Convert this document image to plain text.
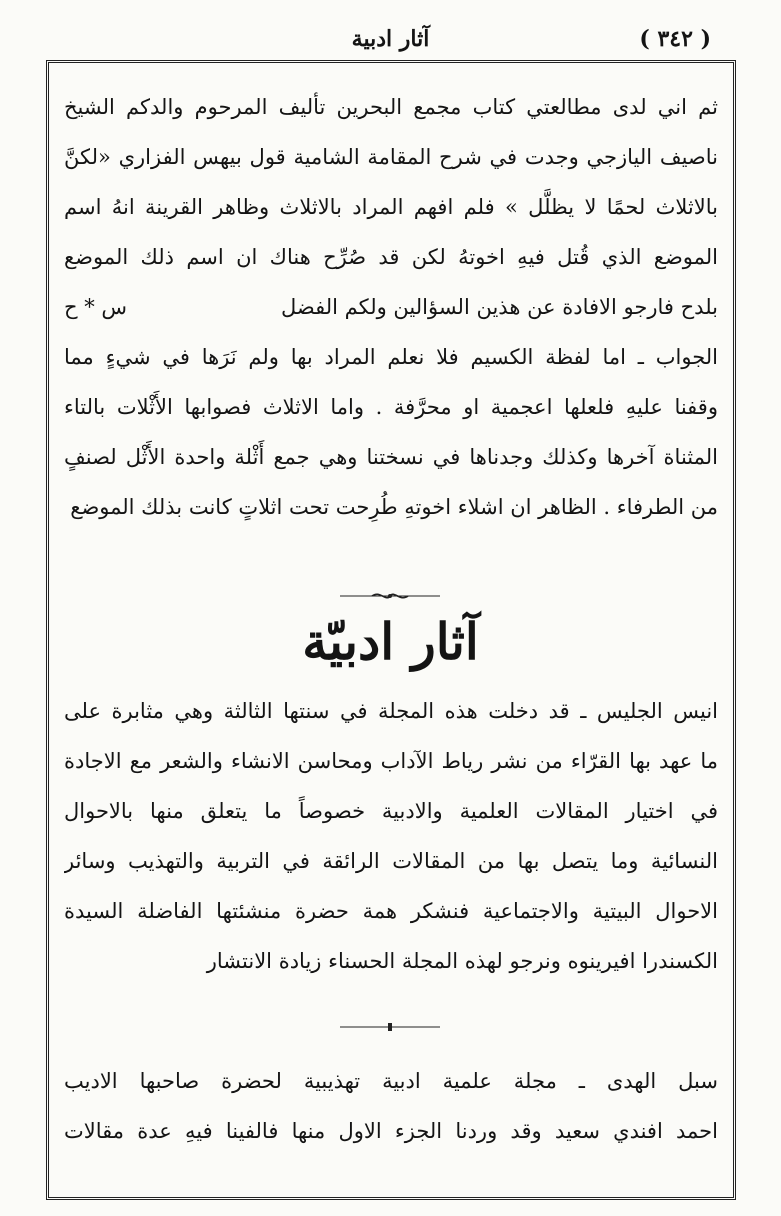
( ٣٤٢ )
آثار ادبية
ثم اني لدى مطالعتي كتاب مجمع البحرين تأليف المرحوم والدكم الشيخ
ناصيف اليازجي وجدت في شرح المقامة الشامية قول بيهس الفزاري «لكنَّ
بالاثلاث لحمًا لا يظلَّل » فلم افهم المراد بالاثلاث وظاهر القرينة انهُ اسم
الموضع الذي قُتل فيهِ اخوتهُ لكن قد صُرِّح هناك ان اسم ذلك الموضع
بلدح فارجو الافادة عن هذين السؤالين ولكم الفضل
س * ح
الجواب ـ اما لفظة الكسيم فلا نعلم المراد بها ولم نَرَها في شيءٍ مما
وقفنا عليهِ فلعلها اعجمية او محرَّفة . واما الاثلاث فصوابها الأَثْلات بالتاء
المثناة آخرها وكذلك وجدناها في نسختنا وهي جمع أَثْلة واحدة الأَثْل لصنفٍ
من الطرفاء . الظاهر ان اشلاء اخوتهِ طُرِحت تحت اثلاتٍ كانت بذلك الموضع
آثار ادبيّة
انيس الجليس ـ قد دخلت هذه المجلة في سنتها الثالثة وهي مثابرة على
ما عهد بها القرّاء من نشر رياط الآداب ومحاسن الانشاء والشعر مع الاجادة
في اختيار المقالات العلمية والادبية خصوصاً ما يتعلق منها بالاحوال
النسائية وما يتصل بها من المقالات الرائقة في التربية والتهذيب وسائر
الاحوال البيتية والاجتماعية فنشكر همة حضرة منشئتها الفاضلة السيدة
الكسندرا افيرينوه ونرجو لهذه المجلة الحسناء زيادة الانتشار
سبل الهدى ـ مجلة علمية ادبية تهذيبية لحضرة صاحبها الاديب
احمد افندي سعيد وقد وردنا الجزء الاول منها فالفينا فيهِ عدة مقالات
